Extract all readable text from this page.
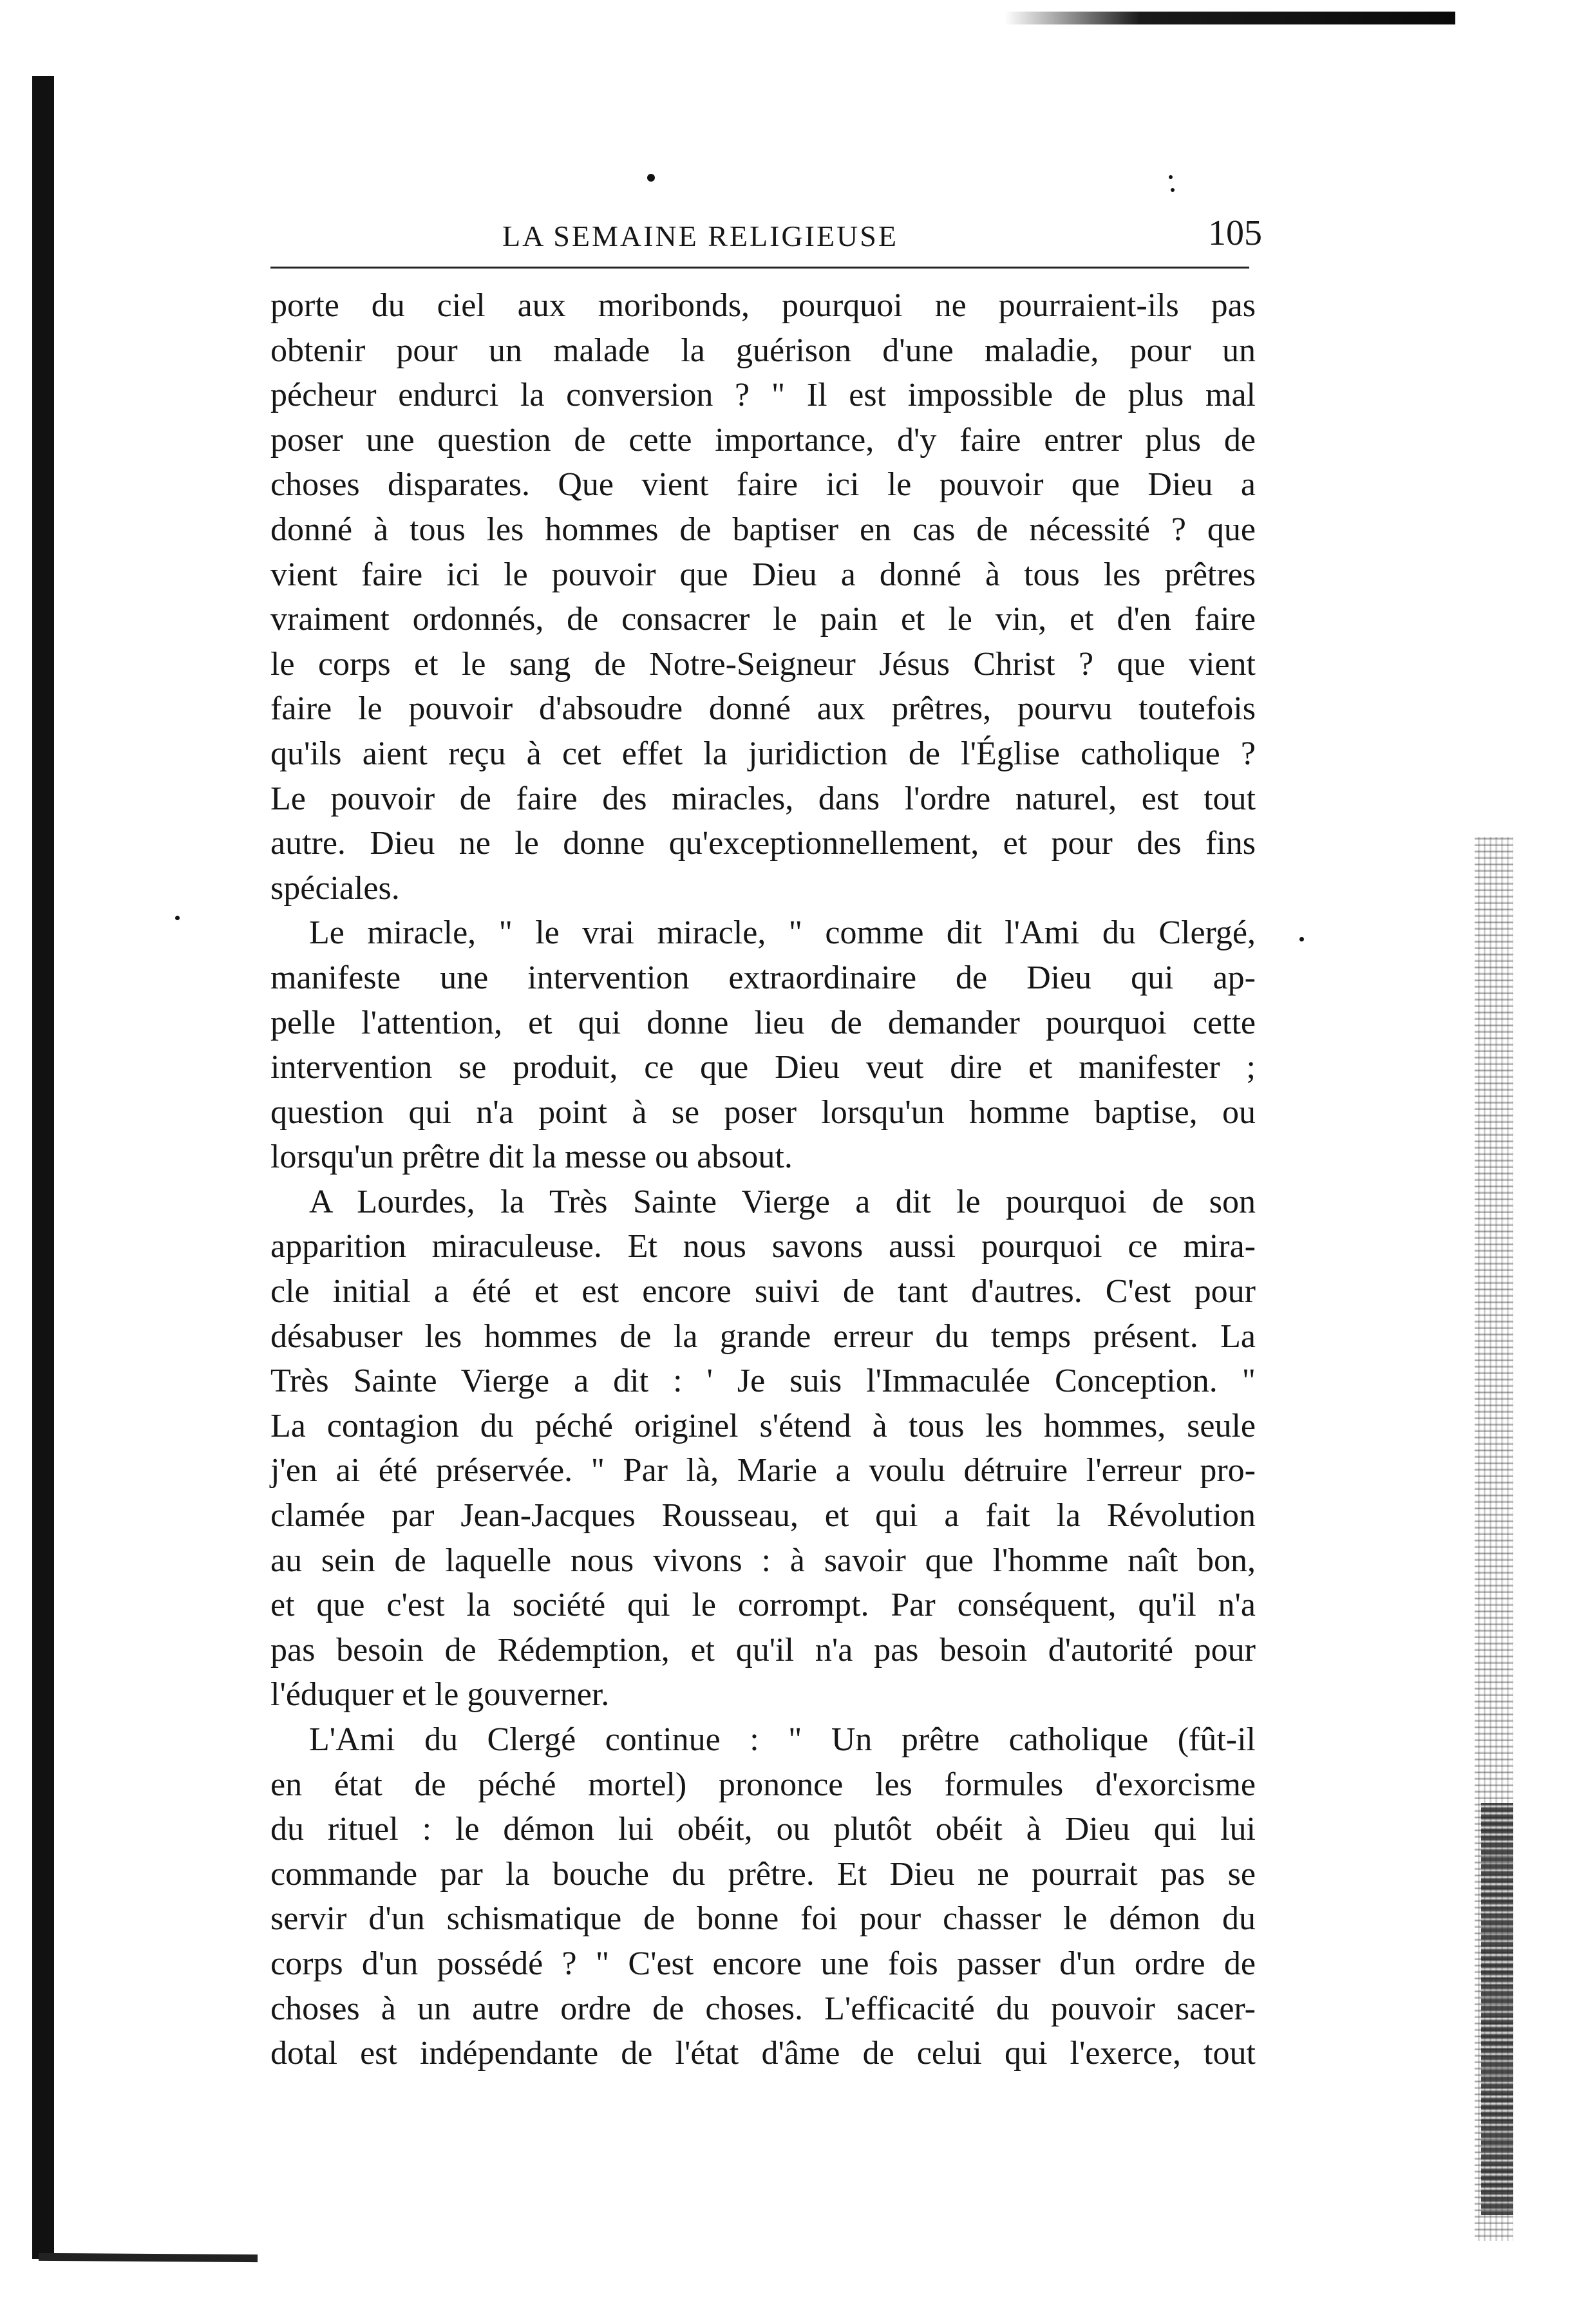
LA SEMAINE RELIGIEUSE	105
porte du ciel aux moribonds, pourquoi ne pourraient-ils pas
obtenir pour un malade la guérison d'une maladie, pour un
pécheur endurci la conversion ? " Il est impossible de plus mal
poser une question de cette importance, d'y faire entrer plus de
choses disparates. Que vient faire ici le pouvoir que Dieu a
donné à tous les hommes de baptiser en cas de nécessité ? que
vient faire ici le pouvoir que Dieu a donné à tous les prêtres
vraiment ordonnés, de consacrer le pain et le vin, et d'en faire
le corps et le sang de Notre-Seigneur Jésus Christ ? que vient
faire le pouvoir d'absoudre donné aux prêtres, pourvu toutefois
qu'ils aient reçu à cet effet la juridiction de l'Église catholique ?
Le pouvoir de faire des miracles, dans l'ordre naturel, est tout
autre. Dieu ne le donne qu'exceptionnellement, et pour des fins
spéciales.
Le miracle, " le vrai miracle, " comme dit l'Ami du Clergé,
manifeste une intervention extraordinaire de Dieu qui ap-
pelle l'attention, et qui donne lieu de demander pourquoi cette
intervention se produit, ce que Dieu veut dire et manifester ;
question qui n'a point à se poser lorsqu'un homme baptise, ou
lorsqu'un prêtre dit la messe ou absout.
A Lourdes, la Très Sainte Vierge a dit le pourquoi de son
apparition miraculeuse. Et nous savons aussi pourquoi ce mira-
cle initial a été et est encore suivi de tant d'autres. C'est pour
désabuser les hommes de la grande erreur du temps présent. La
Très Sainte Vierge a dit : ' Je suis l'Immaculée Conception. "
La contagion du péché originel s'étend à tous les hommes, seule
j'en ai été préservée. " Par là, Marie a voulu détruire l'erreur pro-
clamée par Jean-Jacques Rousseau, et qui a fait la Révolution
au sein de laquelle nous vivons : à savoir que l'homme naît bon,
et que c'est la société qui le corrompt. Par conséquent, qu'il n'a
pas besoin de Rédemption, et qu'il n'a pas besoin d'autorité pour
l'éduquer et le gouverner.
L'Ami du Clergé continue : " Un prêtre catholique (fût-il
en état de péché mortel) prononce les formules d'exorcisme
du rituel : le démon lui obéit, ou plutôt obéit à Dieu qui lui
commande par la bouche du prêtre. Et Dieu ne pourrait pas se
servir d'un schismatique de bonne foi pour chasser le démon du
corps d'un possédé ? " C'est encore une fois passer d'un ordre de
choses à un autre ordre de choses. L'efficacité du pouvoir sacer-
dotal est indépendante de l'état d'âme de celui qui l'exerce, tout
